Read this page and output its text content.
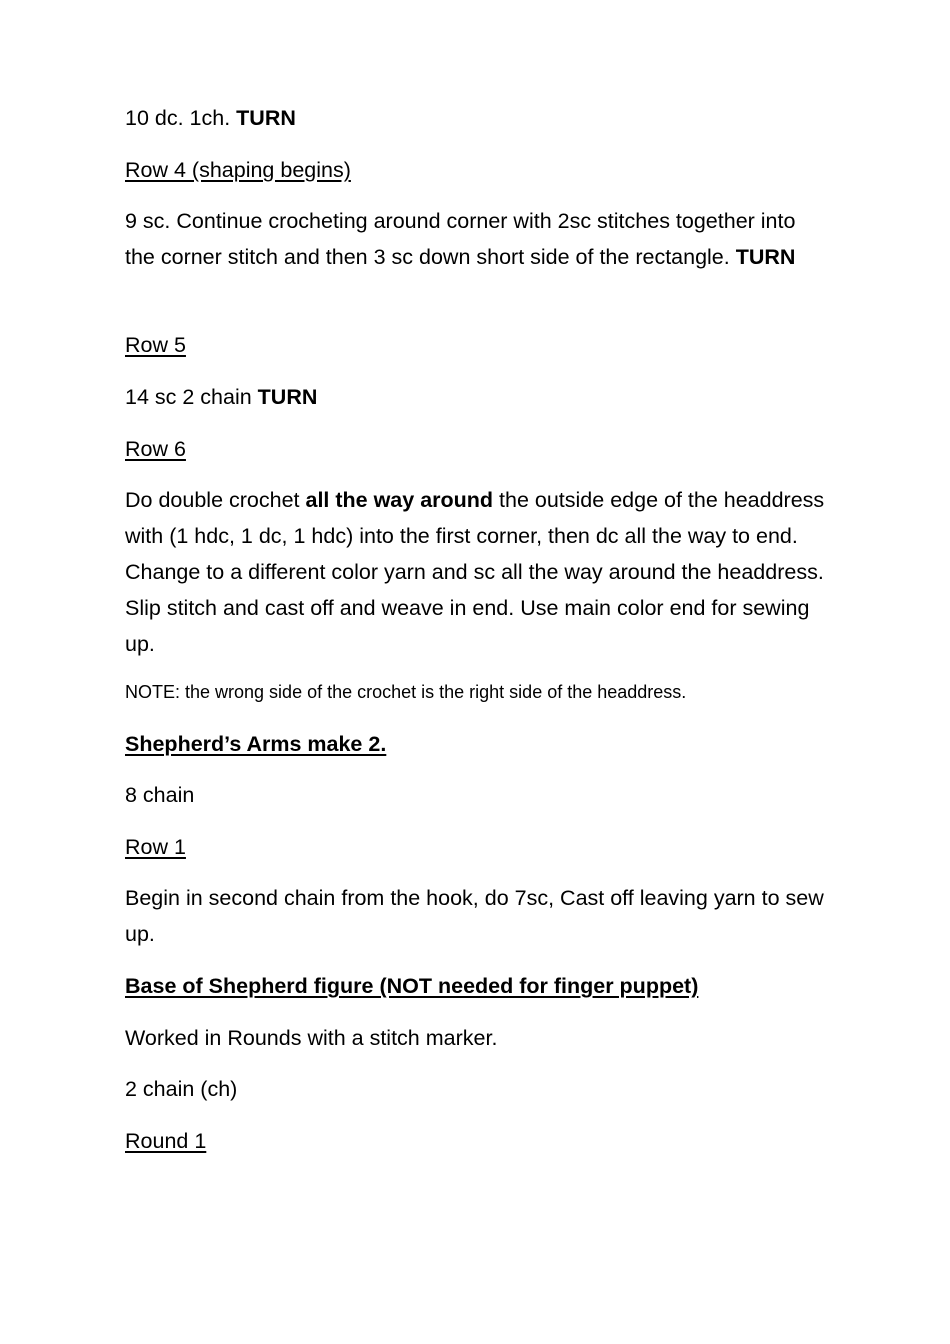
10 dc. 1ch. TURN

Row 4 (shaping begins)

9 sc. Continue crocheting around corner with 2sc stitches together into the corner stitch and then 3 sc down short side of the rectangle. TURN

Row 5

14 sc 2 chain TURN

Row 6

Do double crochet all the way around the outside edge of the headdress with (1 hdc, 1 dc, 1 hdc) into the first corner, then dc all the way to end. Change to a different color yarn and sc all the way around the headdress. Slip stitch and cast off and weave in end. Use main color end for sewing up.

NOTE: the wrong side of the crochet is the right side of the headdress.

Shepherd’s Arms make 2.

8 chain

Row 1

Begin in second chain from the hook, do 7sc, Cast off leaving yarn to sew up.

Base of Shepherd figure (NOT needed for finger puppet)

Worked in Rounds with a stitch marker.

2 chain (ch)

Round 1
